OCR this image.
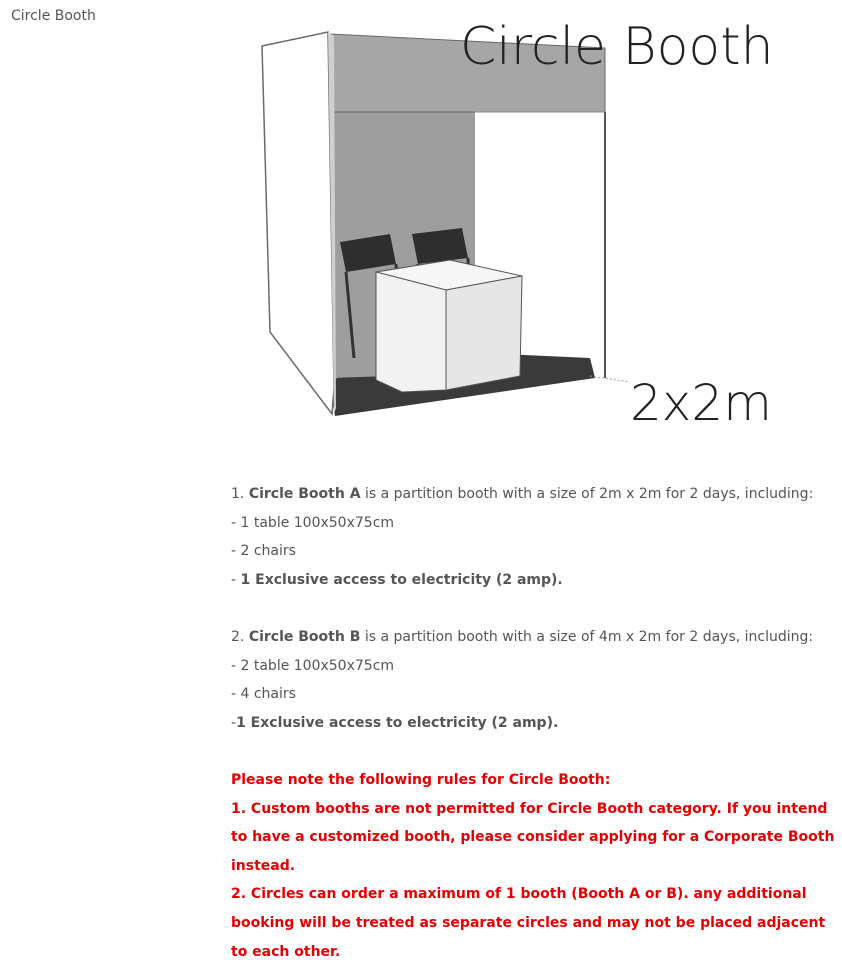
Circle Booth
Circle Booth
2x2m

1. Circle Booth A is a partition booth with a size of 2m x 2m for 2 days, including:

- 1 table 100x50x75cm

- 2 chairs

- 1 Exclusive access to electricity (2 amp).

2. Circle Booth B is a partition booth with a size of 4m x 2m for 2 days, including:

- 2 table 100x50x75cm

- 4 chairs

-1 Exclusive access to electricity (2 amp).

Please note the following rules for Circle Booth:

1. Custom booths are not permitted for Circle Booth category. If you intend to have a customized booth, please consider applying for a Corporate Booth instead.

2. Circles can order a maximum of 1 booth (Booth A or B). any additional booking will be treated as separate circles and may not be placed adjacent to each other.
